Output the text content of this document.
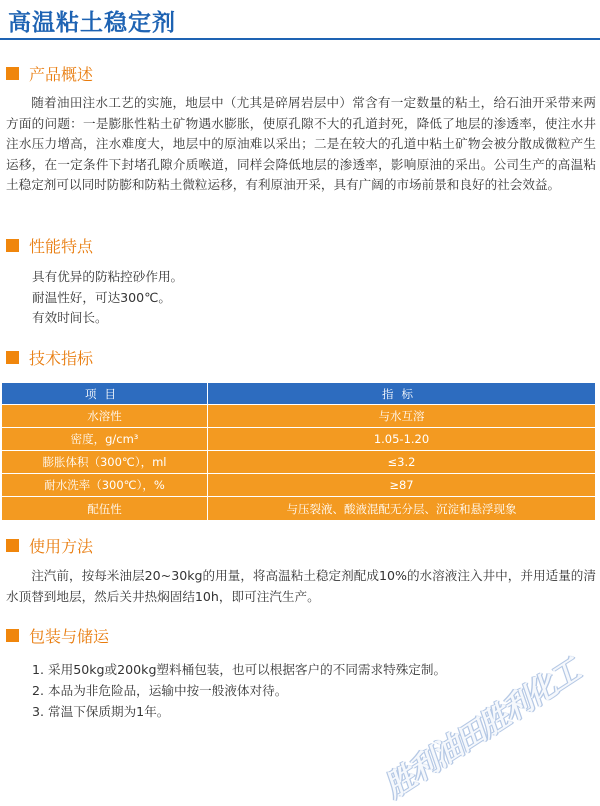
高温粘土稳定剂
产品概述

随着油田注水工艺的实施，地层中（尤其是碎屑岩层中）常含有一定数量的粘土，给石油开采带来两方面的问题：一是膨胀性粘土矿物遇水膨胀，使原孔隙不大的孔道封死，降低了地层的渗透率，使注水井注水压力增高，注水难度大，地层中的原油难以采出；二是在较大的孔道中粘土矿物会被分散成微粒产生运移，在一定条件下封堵孔隙介质喉道，同样会降低地层的渗透率，影响原油的采出。公司生产的高温粘土稳定剂可以同时防膨和防粘土微粒运移，有利原油开采，具有广阔的市场前景和良好的社会效益。

性能特点
具有优异的防粘控砂作用。
耐温性好，可达300℃。
有效时间长。
技术指标
项目	指标
水溶性	与水互溶
密度，g/cm³	1.05-1.20
膨胀体积（300℃），ml	≤3.2
耐水洗率（300℃），%	≥87
配伍性	与压裂液、酸液混配无分层、沉淀和悬浮现象
使用方法

注汽前，按每米油层20~30kg的用量，将高温粘土稳定剂配成10%的水溶液注入井中，并用适量的清水顶替到地层，然后关井热焖固结10h，即可注汽生产。

包装与储运
1. 采用50kg或200kg塑料桶包装，也可以根据客户的不同需求特殊定制。
2. 本品为非危险品，运输中按一般液体对待。
3. 常温下保质期为1年。	胜利油田胜利化工
